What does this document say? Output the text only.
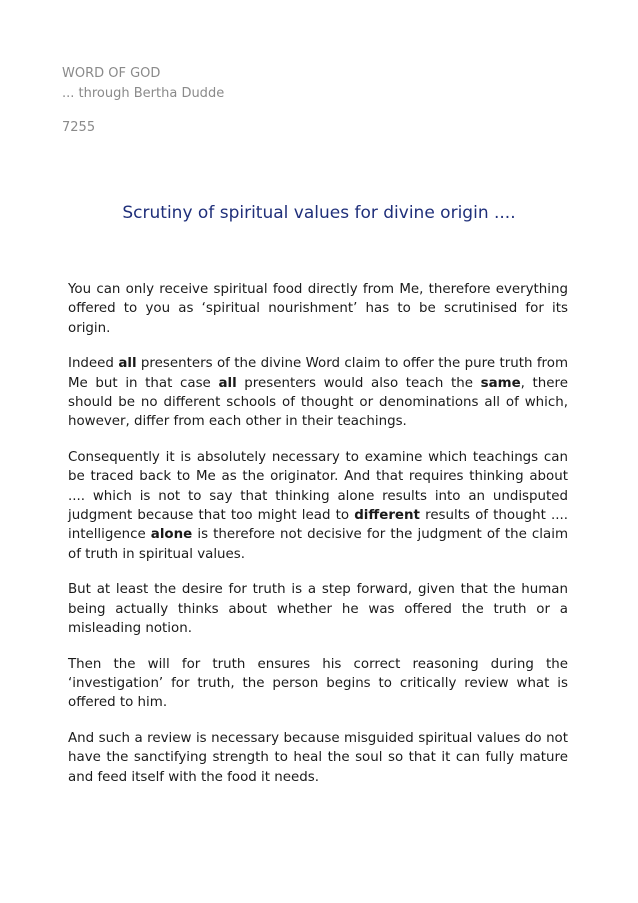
WORD OF GOD
... through Bertha Dudde
7255
Scrutiny of spiritual values for divine origin ....

You can only receive spiritual food directly from Me, therefore everything offered to you as ‘spiritual nourishment’ has to be scrutinised for its origin.

Indeed all presenters of the divine Word claim to offer the pure truth from Me but in that case all presenters would also teach the same, there should be no different schools of thought or denominations all of which, however, differ from each other in their teachings.

Consequently it is absolutely necessary to examine which teachings can be traced back to Me as the originator. And that requires thinking about .... which is not to say that thinking alone results into an undisputed judgment because that too might lead to different results of thought .... intelligence alone is therefore not decisive for the judgment of the claim of truth in spiritual values.

But at least the desire for truth is a step forward, given that the human being actually thinks about whether he was offered the truth or a misleading notion.

Then the will for truth ensures his correct reasoning during the ‘investigation’ for truth, the person begins to critically review what is offered to him.

And such a review is necessary because misguided spiritual values do not have the sanctifying strength to heal the soul so that it can fully mature and feed itself with the food it needs.
